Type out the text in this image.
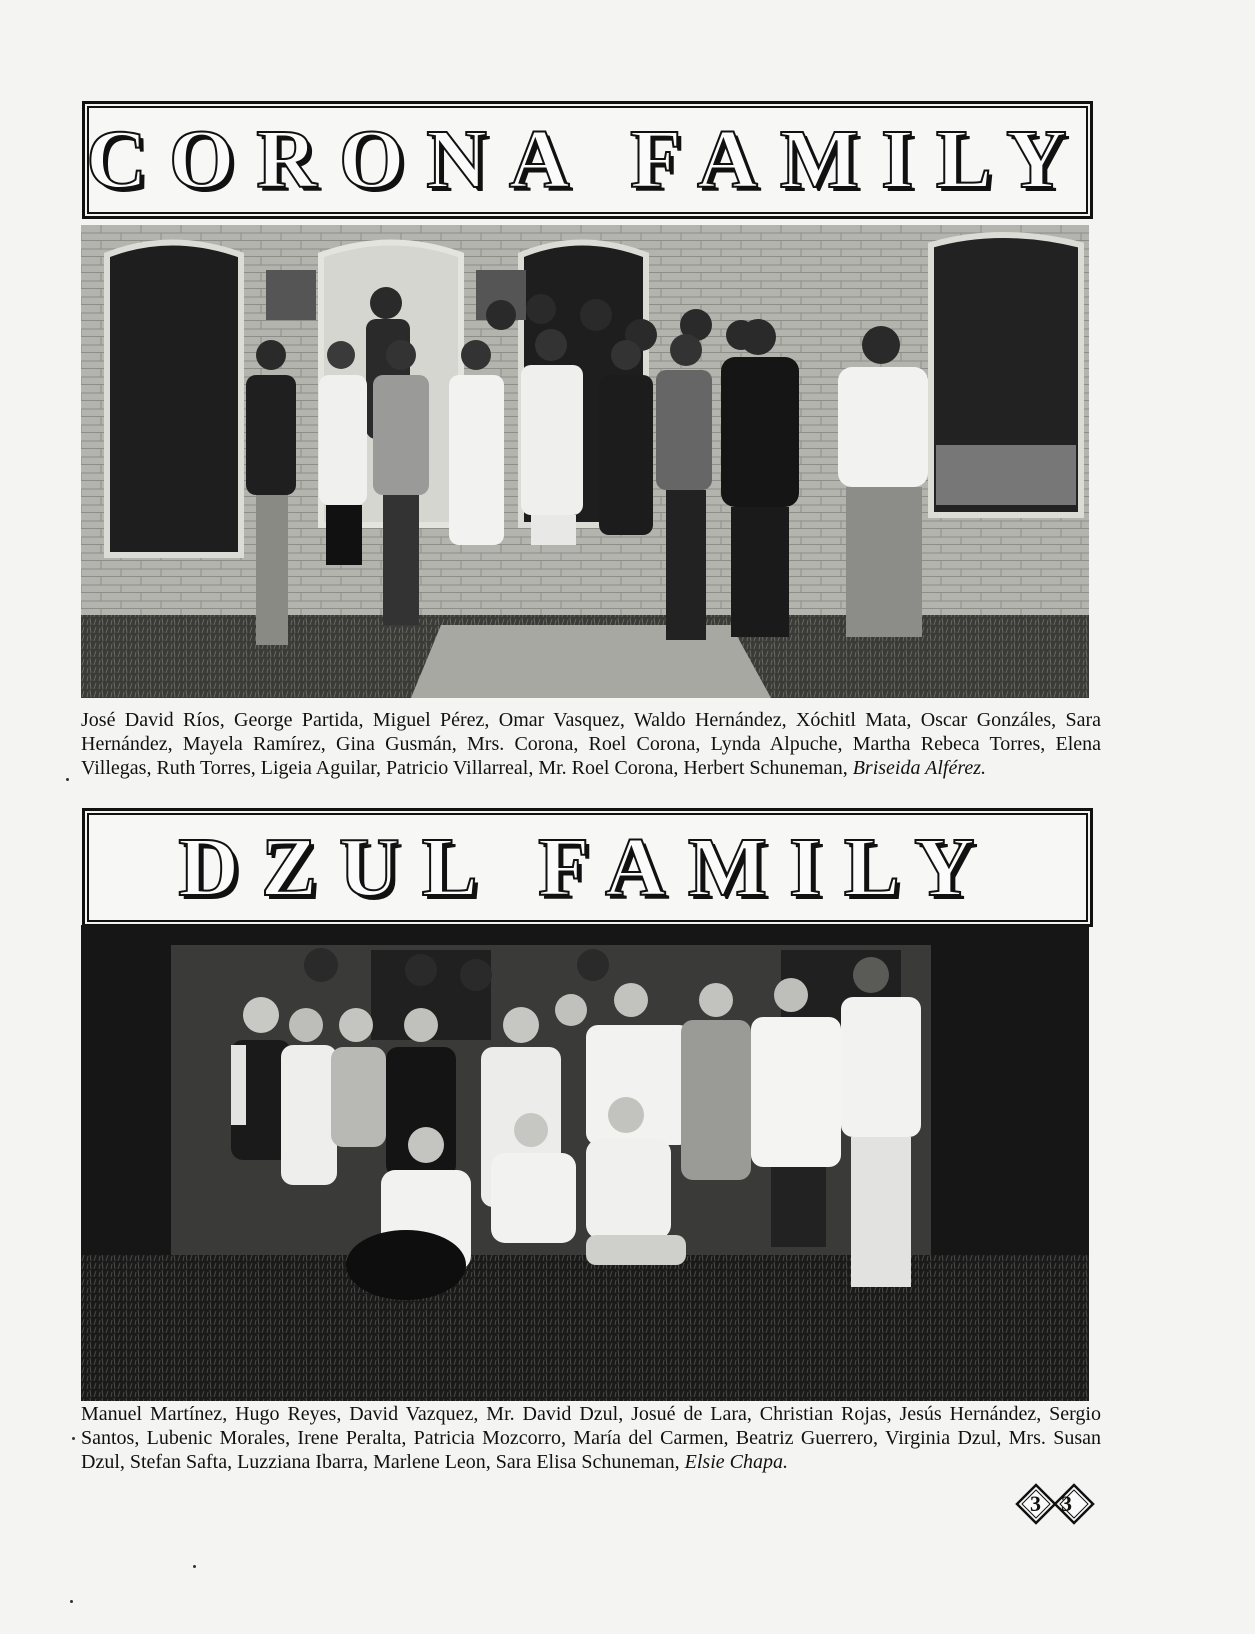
CORONA FAMILY

José David Ríos, George Partida, Miguel Pérez, Omar Vasquez, Waldo Hernández, Xóchitl Mata, Oscar Gonzáles, Sara Hernández, Mayela Ramírez, Gina Gusmán, Mrs. Corona, Roel Corona, Lynda Alpuche, Martha Rebeca Torres, Elena Villegas, Ruth Torres, Ligeia Aguilar, Patricio Villarreal, Mr. Roel Corona, Herbert Schuneman, Briseida Alférez.

DZUL FAMILY

Manuel Martínez, Hugo Reyes, David Vazquez, Mr. David Dzul, Josué de Lara, Christian Rojas, Jesús Hernández, Sergio Santos, Lubenic Morales, Irene Peralta, Patricia Mozcorro, María del Carmen, Beatriz Guerrero, Virginia Dzul, Mrs. Susan Dzul, Stefan Safta, Luzziana Ibarra, Marlene Leon, Sara Elisa Schuneman, Elsie Chapa.

33
